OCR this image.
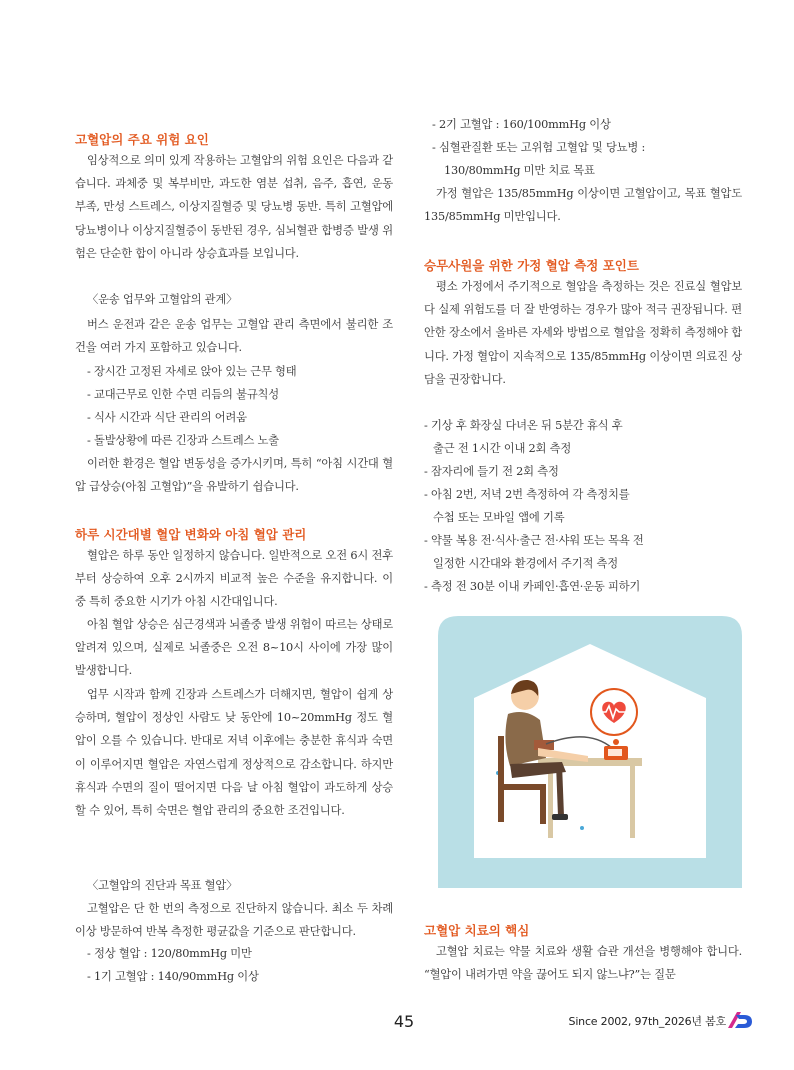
고혈압의 주요 위험 요인

임상적으로 의미 있게 작용하는 고혈압의 위험 요인은 다음과 같습니다. 과체중 및 복부비만, 과도한 염분 섭취, 음주, 흡연, 운동 부족, 만성 스트레스, 이상지질혈증 및 당뇨병 동반. 특히 고혈압에 당뇨병이나 이상지질혈증이 동반된 경우, 심뇌혈관 합병증 발생 위험은 단순한 합이 아니라 상승효과를 보입니다.

〈운송 업무와 고혈압의 관계〉

버스 운전과 같은 운송 업무는 고혈압 관리 측면에서 불리한 조건을 여러 가지 포함하고 있습니다.

- 장시간 고정된 자세로 앉아 있는 근무 형태
- 교대근무로 인한 수면 리듬의 불규칙성
- 식사 시간과 식단 관리의 어려움
- 돌발상황에 따른 긴장과 스트레스 노출

이러한 환경은 혈압 변동성을 증가시키며, 특히 “아침 시간대 혈압 급상승(아침 고혈압)”을 유발하기 쉽습니다.

하루 시간대별 혈압 변화와 아침 혈압 관리

혈압은 하루 동안 일정하지 않습니다. 일반적으로 오전 6시 전후부터 상승하여 오후 2시까지 비교적 높은 수준을 유지합니다. 이 중 특히 중요한 시기가 아침 시간대입니다.

아침 혈압 상승은 심근경색과 뇌졸중 발생 위험이 따르는 상태로 알려져 있으며, 실제로 뇌졸중은 오전 8~10시 사이에 가장 많이 발생합니다.

업무 시작과 함께 긴장과 스트레스가 더해지면, 혈압이 쉽게 상승하며, 혈압이 정상인 사람도 낮 동안에 10~20mmHg 정도 혈압이 오를 수 있습니다. 반대로 저녁 이후에는 충분한 휴식과 숙면이 이루어지면 혈압은 자연스럽게 정상적으로 감소합니다. 하지만 휴식과 수면의 질이 떨어지면 다음 날 아침 혈압이 과도하게 상승할 수 있어, 특히 숙면은 혈압 관리의 중요한 조건입니다.

〈고혈압의 진단과 목표 혈압〉

고혈압은 단 한 번의 측정으로 진단하지 않습니다. 최소 두 차례 이상 방문하여 반복 측정한 평균값을 기준으로 판단합니다.

- 정상 혈압 : 120/80mmHg 미만
- 1기 고혈압 : 140/90mmHg 이상
- 2기 고혈압 : 160/100mmHg 이상
- 심혈관질환 또는 고위험 고혈압 및 당뇨병 :
130/80mmHg 미만 치료 목표

가정 혈압은 135/85mmHg 이상이면 고혈압이고, 목표 혈압도 135/85mmHg 미만입니다.

승무사원을 위한 가정 혈압 측정 포인트

평소 가정에서 주기적으로 혈압을 측정하는 것은 진료실 혈압보다 실제 위험도를 더 잘 반영하는 경우가 많아 적극 권장됩니다. 편안한 장소에서 올바른 자세와 방법으로 혈압을 정확히 측정해야 합니다. 가정 혈압이 지속적으로 135/85mmHg 이상이면 의료진 상담을 권장합니다.

- 기상 후 화장실 다녀온 뒤 5분간 휴식 후
출근 전 1시간 이내 2회 측정
- 잠자리에 들기 전 2회 측정
- 아침 2번, 저녁 2번 측정하여 각 측정치를
수첩 또는 모바일 앱에 기록
- 약물 복용 전·식사·출근 전·샤워 또는 목욕 전
일정한 시간대와 환경에서 주기적 측정
- 측정 전 30분 이내 카페인·흡연·운동 피하기
고혈압 치료의 핵심

고혈압 치료는 약물 치료와 생활 습관 개선을 병행해야 합니다. “혈압이 내려가면 약을 끊어도 되지 않느냐?”는 질문

45	Since 2002, 97th_2026년 봄호
